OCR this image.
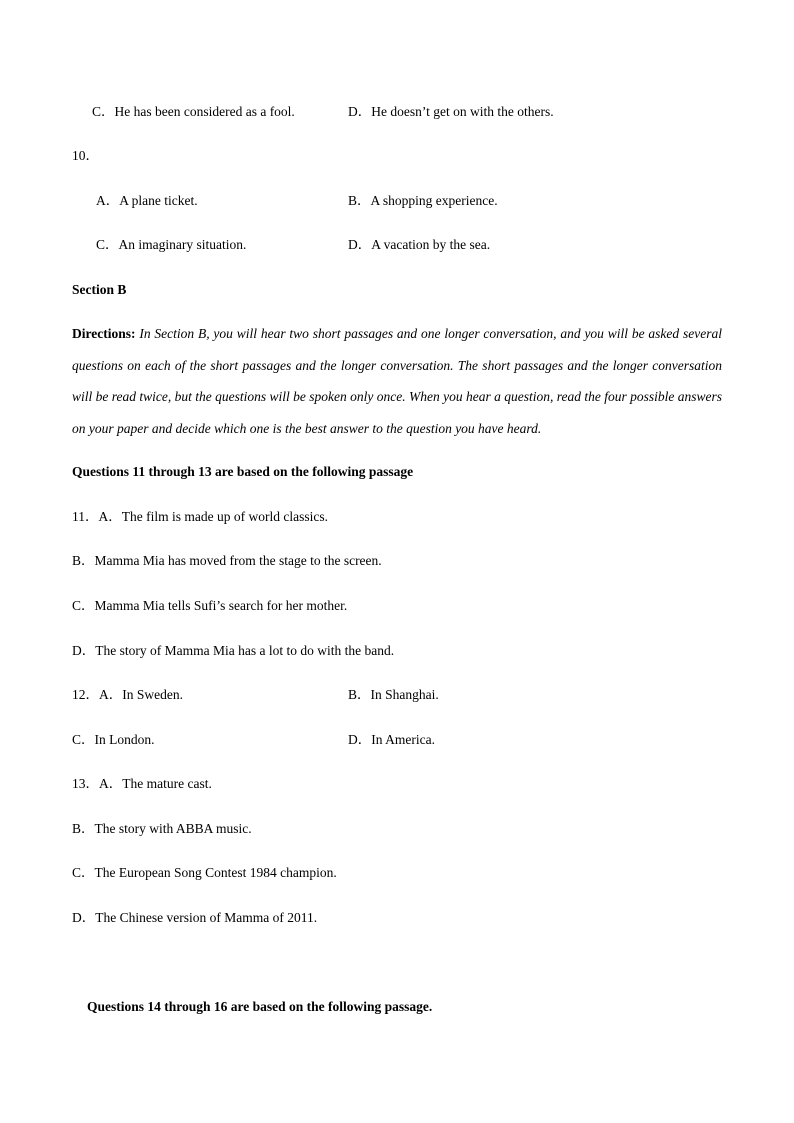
C．He has been considered as a fool.	D．He doesn’t get on with the others.
10．
A．A plane ticket.	B．A shopping experience.
C．An imaginary situation.	D．A vacation by the sea.
Section B
Directions: In Section B, you will hear two short passages and one longer conversation, and you will be asked several questions on each of the short passages and the longer conversation. The short passages and the longer conversation will be read twice, but the questions will be spoken only once. When you hear a question, read the four possible answers on your paper and decide which one is the best answer to the question you have heard.
Questions 11 through 13 are based on the following passage
11．A．The film is made up of world classics.
B．Mamma Mia has moved from the stage to the screen.
C．Mamma Mia tells Sufi’s search for her mother.
D．The story of Mamma Mia has a lot to do with the band.
12．A．In Sweden.	B．In Shanghai.
C．In London.	D．In America.
13．A．The mature cast.
B．The story with ABBA music.
C．The European Song Contest 1984 champion.
D．The Chinese version of Mamma of 2011.
Questions 14 through 16 are based on the following passage.
